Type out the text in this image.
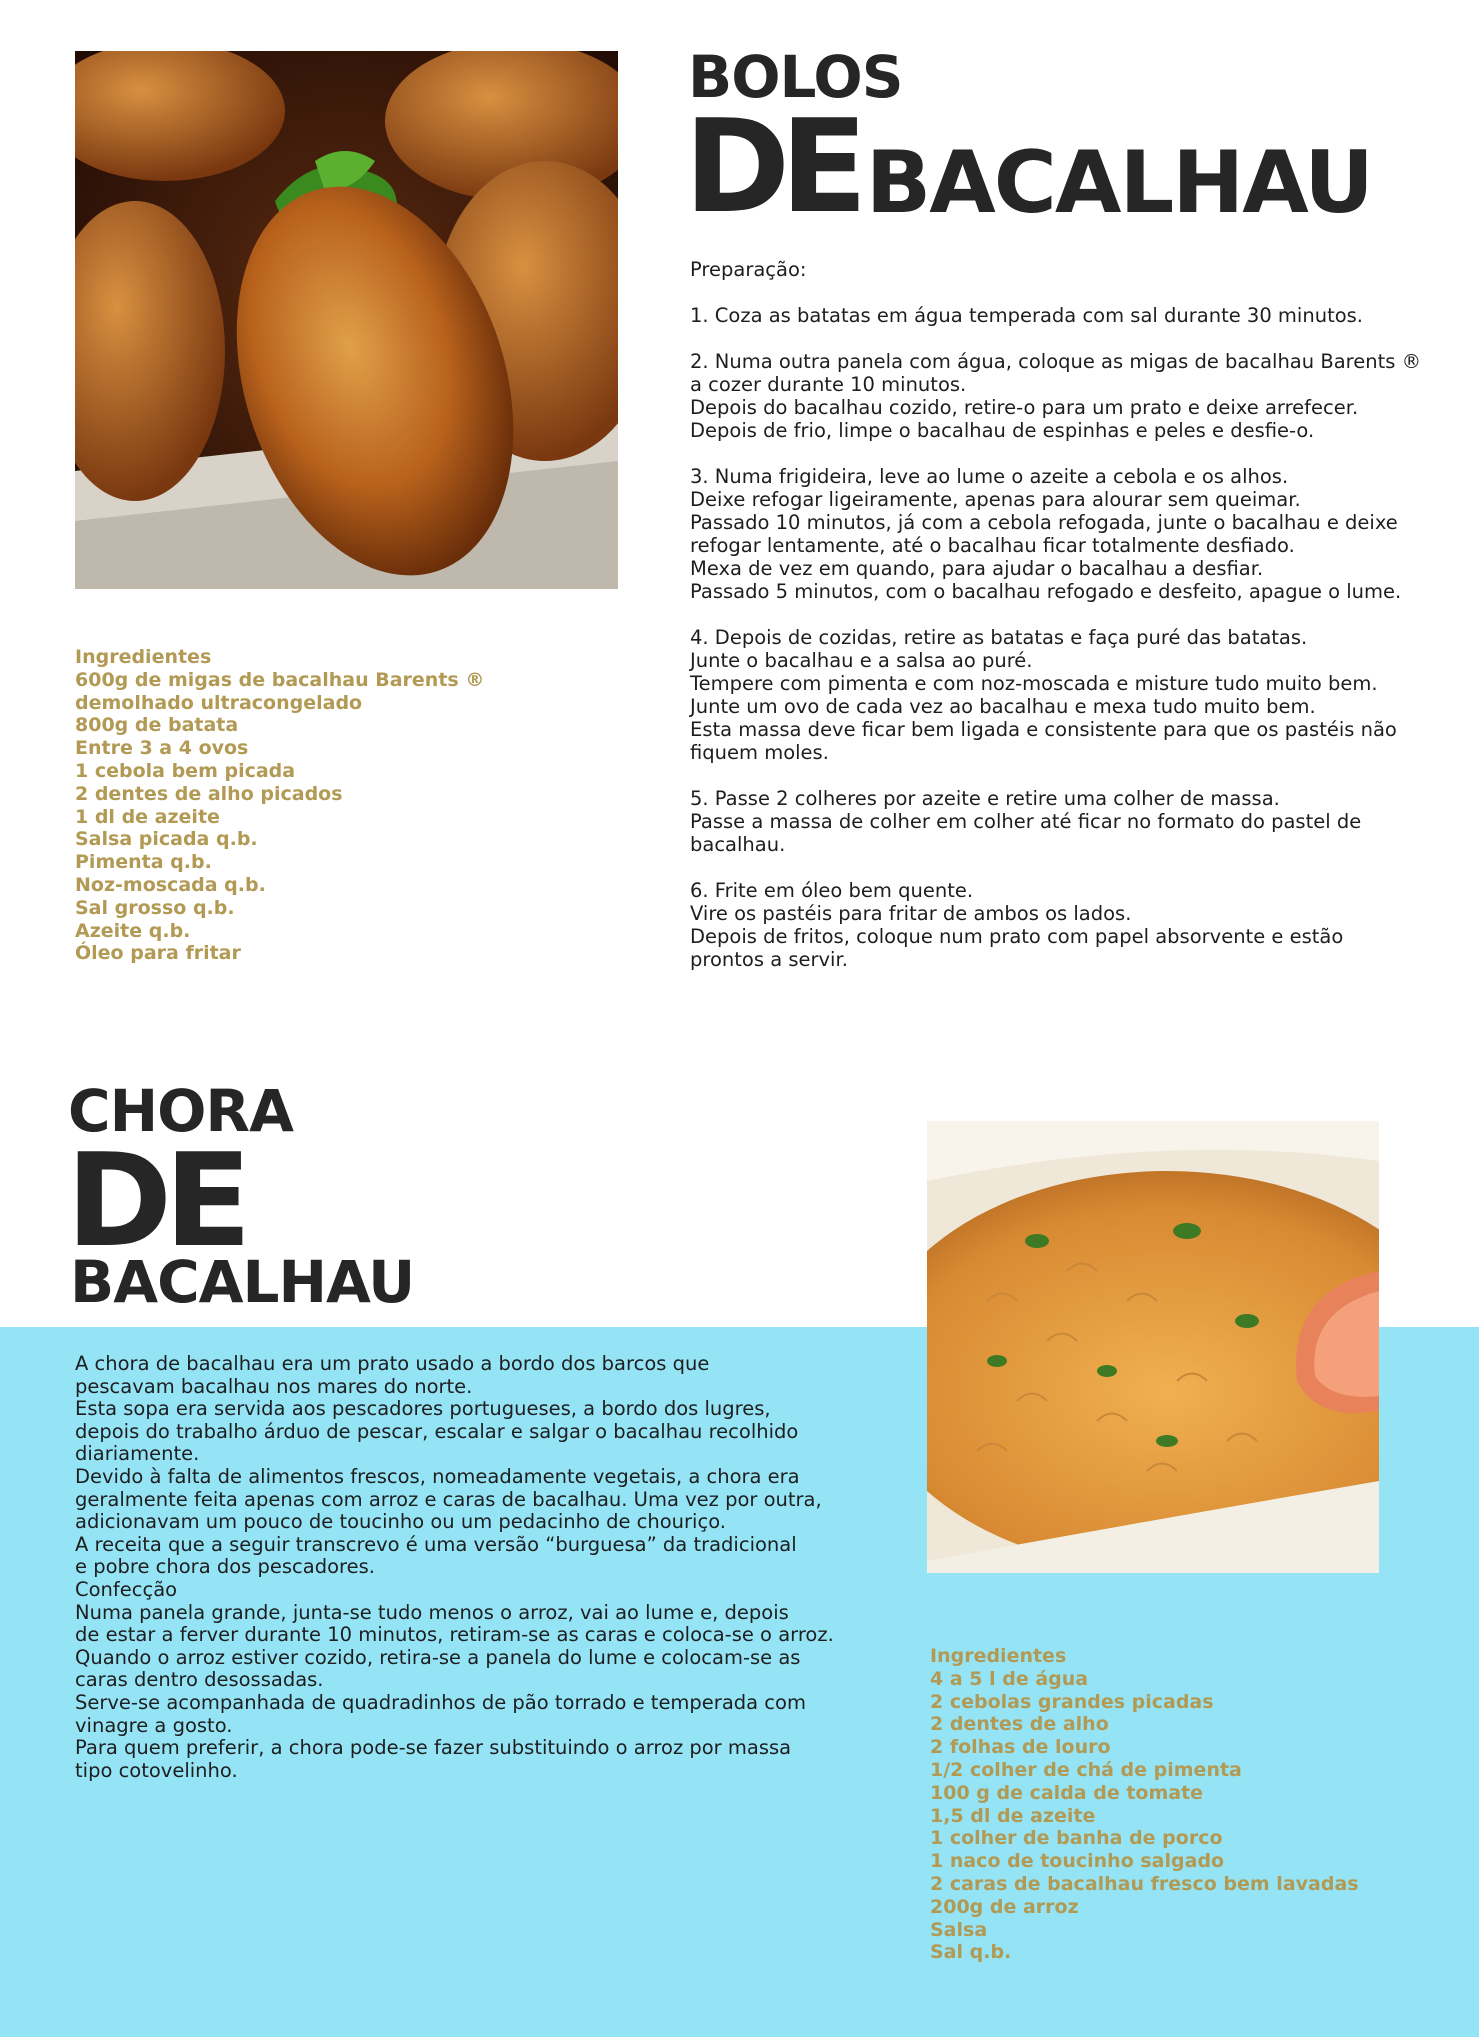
BOLOS
DEBACALHAU

Preparação:

1. Coza as batatas em água temperada com sal durante 30 minutos.

2. Numa outra panela com água, coloque as migas de bacalhau Barents ®
a cozer durante 10 minutos.
Depois do bacalhau cozido, retire-o para um prato e deixe arrefecer.
Depois de frio, limpe o bacalhau de espinhas e peles e desfie-o.

3. Numa frigideira, leve ao lume o azeite a cebola e os alhos.
Deixe refogar ligeiramente, apenas para alourar sem queimar.
Passado 10 minutos, já com a cebola refogada, junte o bacalhau e deixe
refogar lentamente, até o bacalhau ficar totalmente desfiado.
Mexa de vez em quando, para ajudar o bacalhau a desfiar.
Passado 5 minutos, com o bacalhau refogado e desfeito, apague o lume.

4. Depois de cozidas, retire as batatas e faça puré das batatas.
Junte o bacalhau e a salsa ao puré.
Tempere com pimenta e com noz-moscada e misture tudo muito bem.
Junte um ovo de cada vez ao bacalhau e mexa tudo muito bem.
Esta massa deve ficar bem ligada e consistente para que os pastéis não
fiquem moles.

5. Passe 2 colheres por azeite e retire uma colher de massa.
Passe a massa de colher em colher até ficar no formato do pastel de
bacalhau.

6. Frite em óleo bem quente.
Vire os pastéis para fritar de ambos os lados.
Depois de fritos, coloque num prato com papel absorvente e estão
prontos a servir.

Ingredientes
600g de migas de bacalhau Barents ®
demolhado ultracongelado
800g de batata
Entre 3 a 4 ovos
1 cebola bem picada
2 dentes de alho picados
1 dl de azeite
Salsa picada q.b.
Pimenta q.b.
Noz-moscada q.b.
Sal grosso q.b.
Azeite q.b.
Óleo para fritar
CHORA
DE
BACALHAU
A chora de bacalhau era um prato usado a bordo dos barcos que
pescavam bacalhau nos mares do norte.
Esta sopa era servida aos pescadores portugueses, a bordo dos lugres,
depois do trabalho árduo de pescar, escalar e salgar o bacalhau recolhido
diariamente.
Devido à falta de alimentos frescos, nomeadamente vegetais, a chora era
geralmente feita apenas com arroz e caras de bacalhau. Uma vez por outra,
adicionavam um pouco de toucinho ou um pedacinho de chouriço.
A receita que a seguir transcrevo é uma versão “burguesa” da tradicional
e pobre chora dos pescadores.
Confecção
Numa panela grande, junta-se tudo menos o arroz, vai ao lume e, depois
de estar a ferver durante 10 minutos, retiram-se as caras e coloca-se o arroz.
Quando o arroz estiver cozido, retira-se a panela do lume e colocam-se as
caras dentro desossadas.
Serve-se acompanhada de quadradinhos de pão torrado e temperada com
vinagre a gosto.
Para quem preferir, a chora pode-se fazer substituindo o arroz por massa
tipo cotovelinho.
Ingredientes
4 a 5 l de água
2 cebolas grandes picadas
2 dentes de alho
2 folhas de louro
1/2 colher de chá de pimenta
100 g de calda de tomate
1,5 dl de azeite
1 colher de banha de porco
1 naco de toucinho salgado
2 caras de bacalhau fresco bem lavadas
200g de arroz
Salsa
Sal q.b.
